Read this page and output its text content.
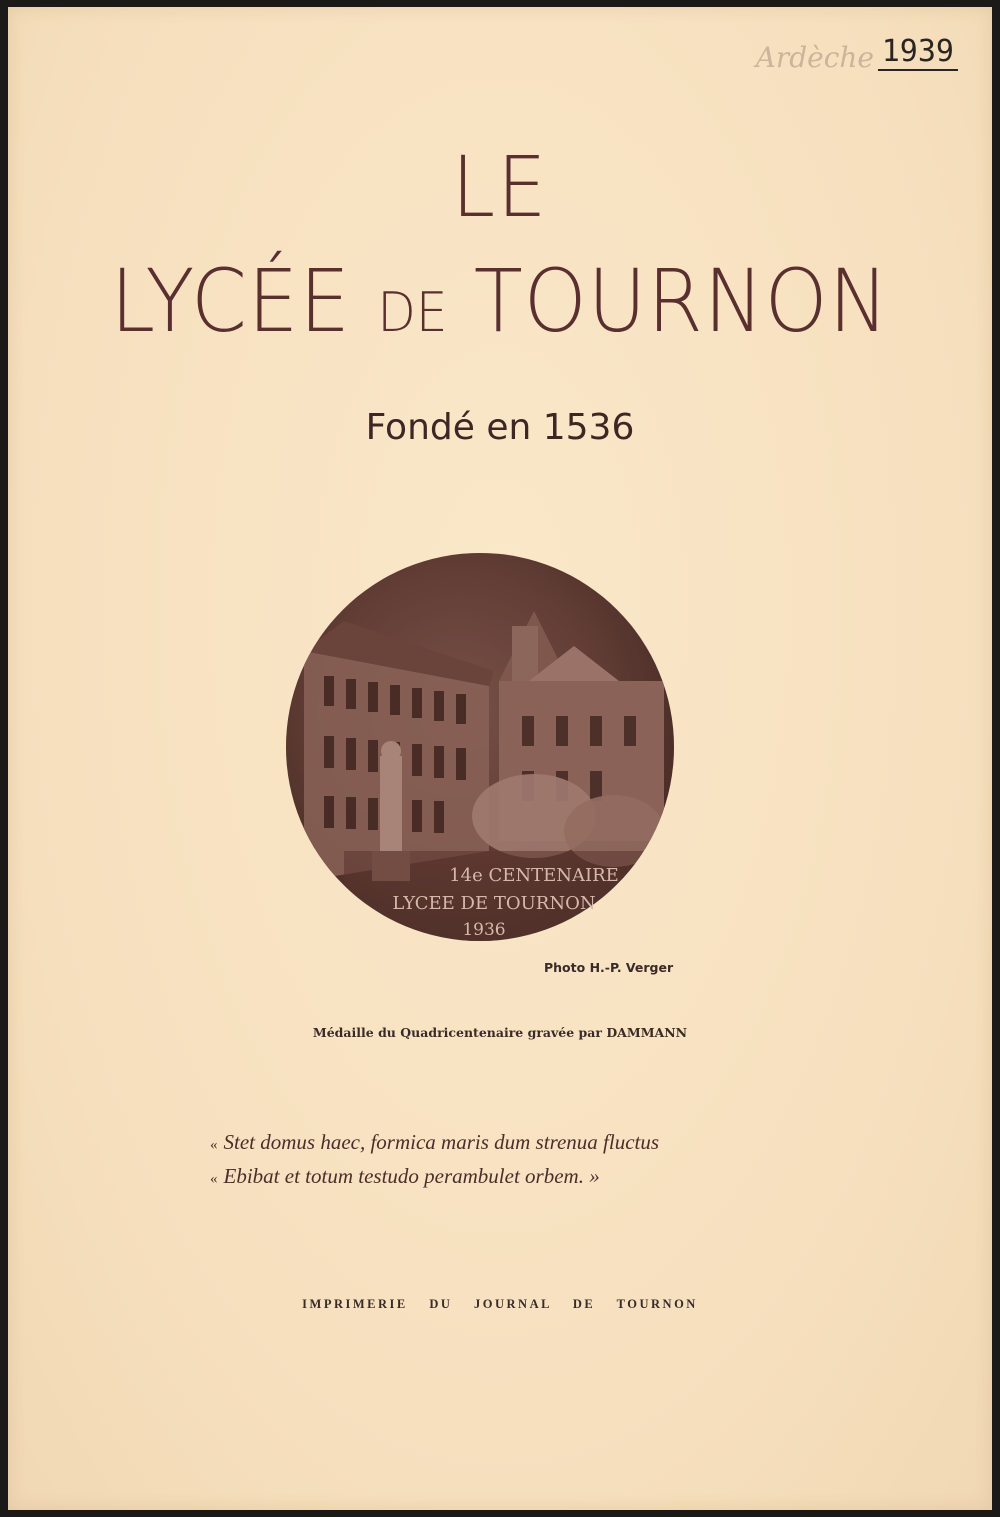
Ardèche 1939
LE
LYCÉE DE TOURNON
Fondé en 1536
14e CENTENAIRE
LYCEE DE TOURNON
1936
Photo H.-P. Verger
Médaille du Quadricentenaire gravée par DAMMANN
« Stet domus haec, formica maris dum strenua fluctus
« Ebibat et totum testudo perambulet orbem. »
IMPRIMERIE DU JOURNAL DE TOURNON
